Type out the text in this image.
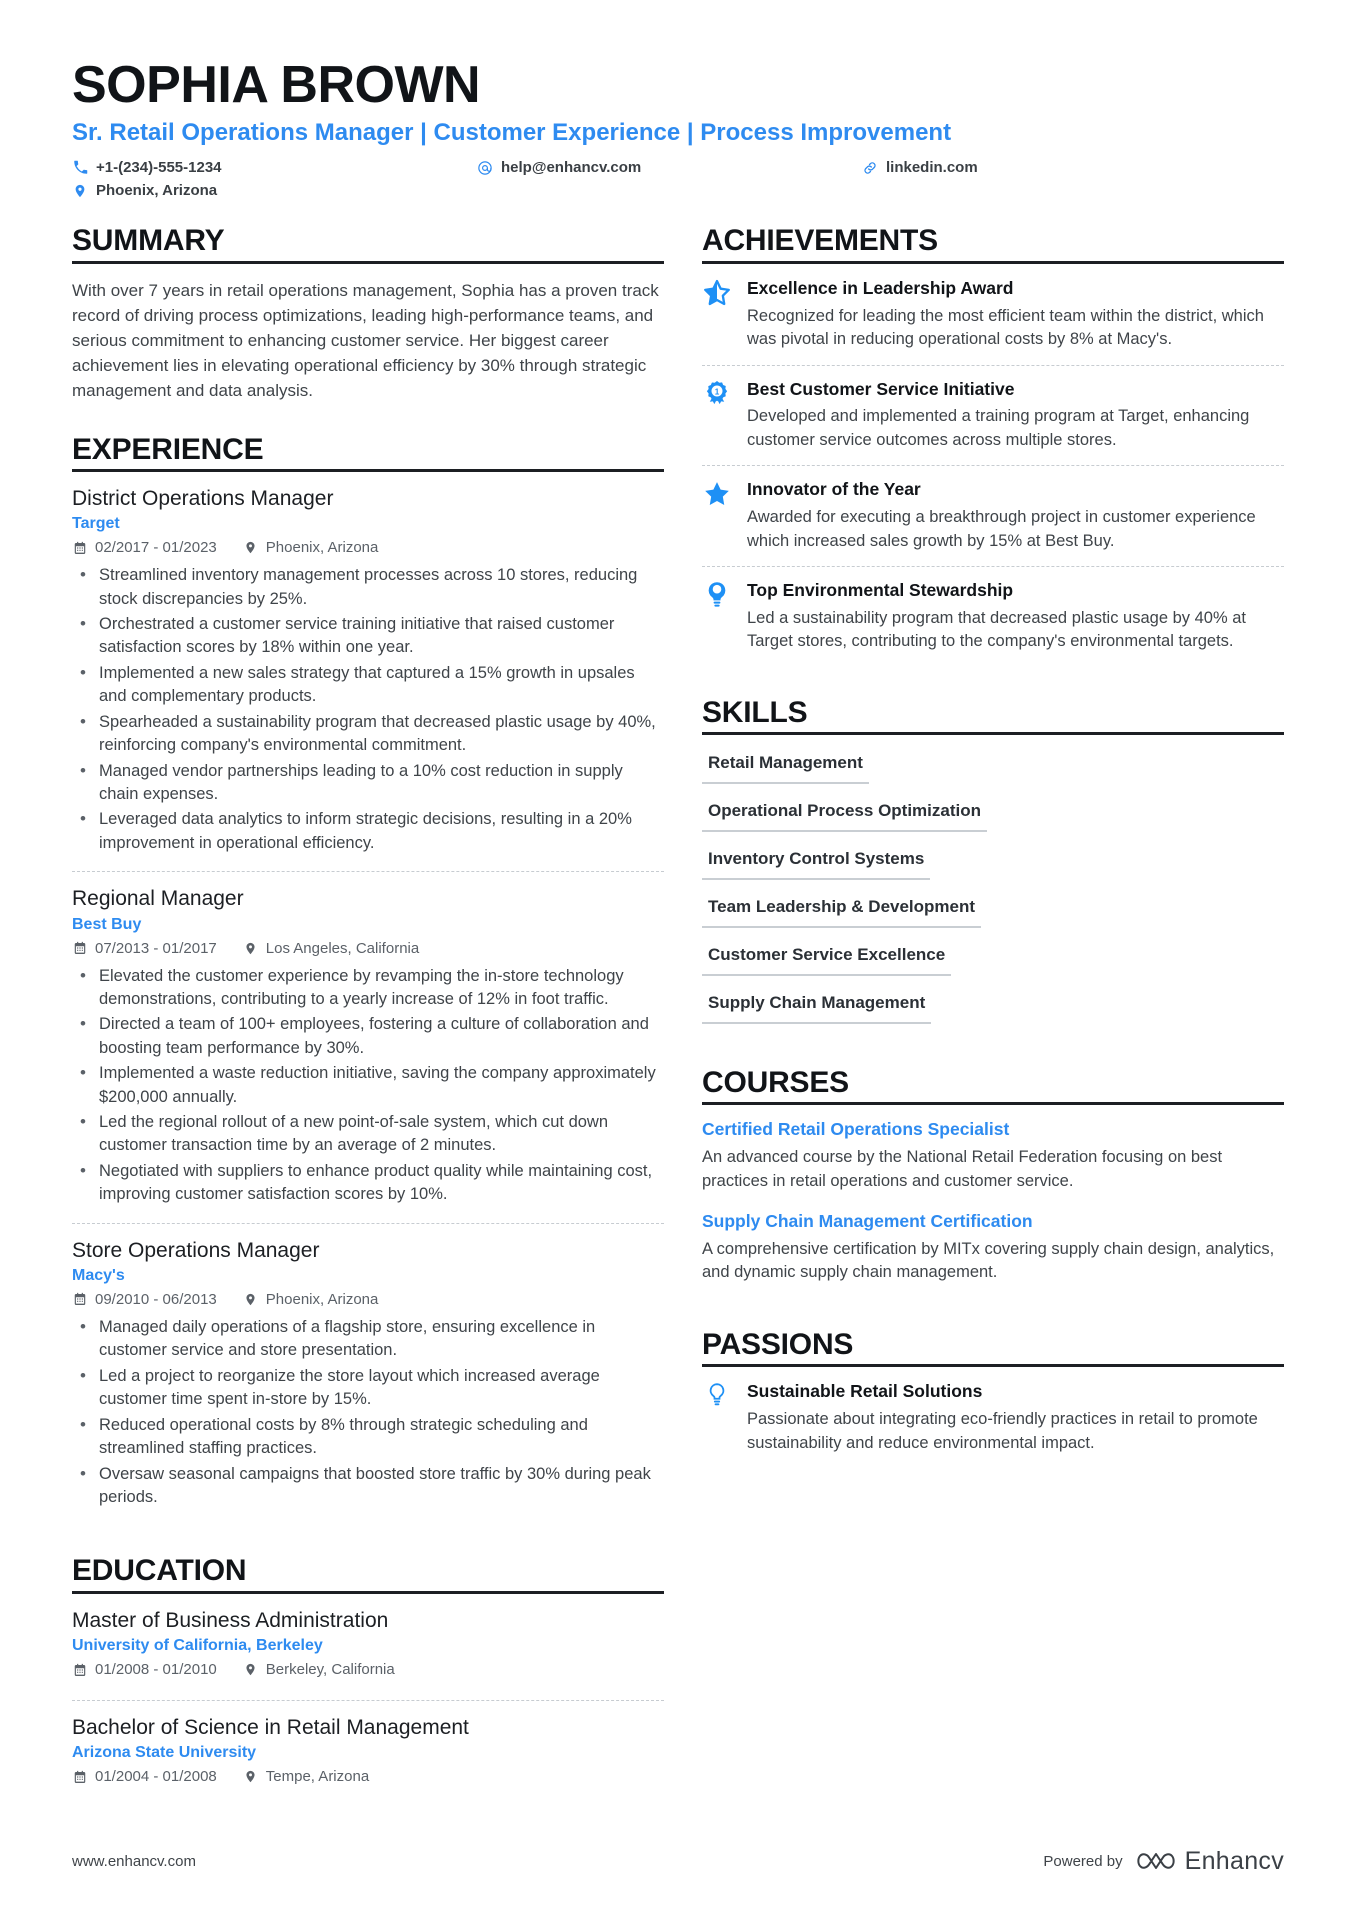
SOPHIA BROWN
Sr. Retail Operations Manager | Customer Experience | Process Improvement
+1-(234)-555-1234	help@enhancv.com	linkedin.com
Phoenix, Arizona
SUMMARY

With over 7 years in retail operations management, Sophia has a proven track record of driving process optimizations, leading high-performance teams, and serious commitment to enhancing customer service. Her biggest career achievement lies in elevating operational efficiency by 30% through strategic management and data analysis.

EXPERIENCE
District Operations Manager
Target
02/2017 - 01/2023	Phoenix, Arizona
• Streamlined inventory management processes across 10 stores, reducing stock discrepancies by 25%.
• Orchestrated a customer service training initiative that raised customer satisfaction scores by 18% within one year.
• Implemented a new sales strategy that captured a 15% growth in upsales and complementary products.
• Spearheaded a sustainability program that decreased plastic usage by 40%, reinforcing company's environmental commitment.
• Managed vendor partnerships leading to a 10% cost reduction in supply chain expenses.
• Leveraged data analytics to inform strategic decisions, resulting in a 20% improvement in operational efficiency.
Regional Manager
Best Buy
07/2013 - 01/2017	Los Angeles, California
• Elevated the customer experience by revamping the in-store technology demonstrations, contributing to a yearly increase of 12% in foot traffic.
• Directed a team of 100+ employees, fostering a culture of collaboration and boosting team performance by 30%.
• Implemented a waste reduction initiative, saving the company approximately $200,000 annually.
• Led the regional rollout of a new point-of-sale system, which cut down customer transaction time by an average of 2 minutes.
• Negotiated with suppliers to enhance product quality while maintaining cost, improving customer satisfaction scores by 10%.
Store Operations Manager
Macy's
09/2010 - 06/2013	Phoenix, Arizona
• Managed daily operations of a flagship store, ensuring excellence in customer service and store presentation.
• Led a project to reorganize the store layout which increased average customer time spent in-store by 15%.
• Reduced operational costs by 8% through strategic scheduling and streamlined staffing practices.
• Oversaw seasonal campaigns that boosted store traffic by 30% during peak periods.
EDUCATION
Master of Business Administration
University of California, Berkeley
01/2008 - 01/2010	Berkeley, California
Bachelor of Science in Retail Management
Arizona State University
01/2004 - 01/2008	Tempe, Arizona
ACHIEVEMENTS
Excellence in Leadership Award
Recognized for leading the most efficient team within the district, which was pivotal in reducing operational costs by 8% at Macy's.
1 Best Customer Service Initiative
Developed and implemented a training program at Target, enhancing customer service outcomes across multiple stores.
Innovator of the Year
Awarded for executing a breakthrough project in customer experience which increased sales growth by 15% at Best Buy.
Top Environmental Stewardship
Led a sustainability program that decreased plastic usage by 40% at Target stores, contributing to the company's environmental targets.
SKILLS
Retail Management
Operational Process Optimization
Inventory Control Systems
Team Leadership & Development
Customer Service Excellence
Supply Chain Management
COURSES
Certified Retail Operations Specialist
An advanced course by the National Retail Federation focusing on best practices in retail operations and customer service.
Supply Chain Management Certification
A comprehensive certification by MITx covering supply chain design, analytics, and dynamic supply chain management.
PASSIONS
Sustainable Retail Solutions
Passionate about integrating eco-friendly practices in retail to promote sustainability and reduce environmental impact.
www.enhancv.com	Powered by Enhancv
